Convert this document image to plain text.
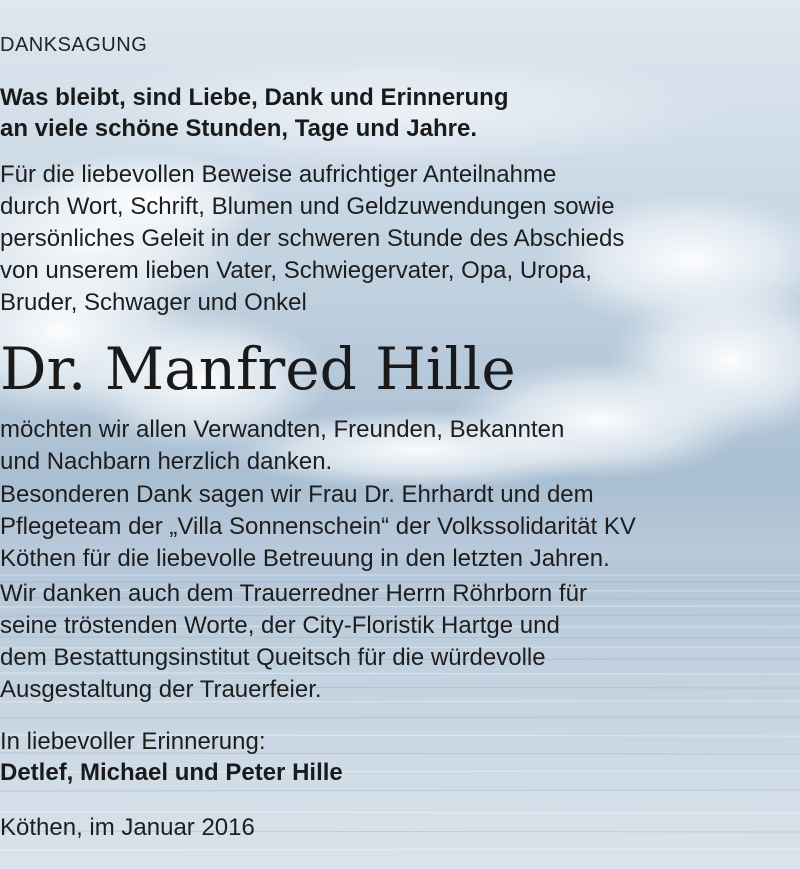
DANKSAGUNG
Was bleibt, sind Liebe, Dank und Erinnerung
an viele schöne Stunden, Tage und Jahre.
Für die liebevollen Beweise aufrichtiger Anteilnahme
durch Wort, Schrift, Blumen und Geldzuwendungen sowie
persönliches Geleit in der schweren Stunde des Abschieds
von unserem lieben Vater, Schwiegervater, Opa, Uropa,
Bruder, Schwager und Onkel
Dr. Manfred Hille
möchten wir allen Verwandten, Freunden, Bekannten
und Nachbarn herzlich danken.
Besonderen Dank sagen wir Frau Dr. Ehrhardt und dem
Pflegeteam der „Villa Sonnenschein“ der Volkssolidarität KV
Köthen für die liebevolle Betreuung in den letzten Jahren.
Wir danken auch dem Trauerredner Herrn Röhrborn für
seine tröstenden Worte, der City-Floristik Hartge und
dem Bestattungsinstitut Queitsch für die würdevolle
Ausgestaltung der Trauerfeier.
In liebevoller Erinnerung:
Detlef, Michael und Peter Hille
Köthen, im Januar 2016
